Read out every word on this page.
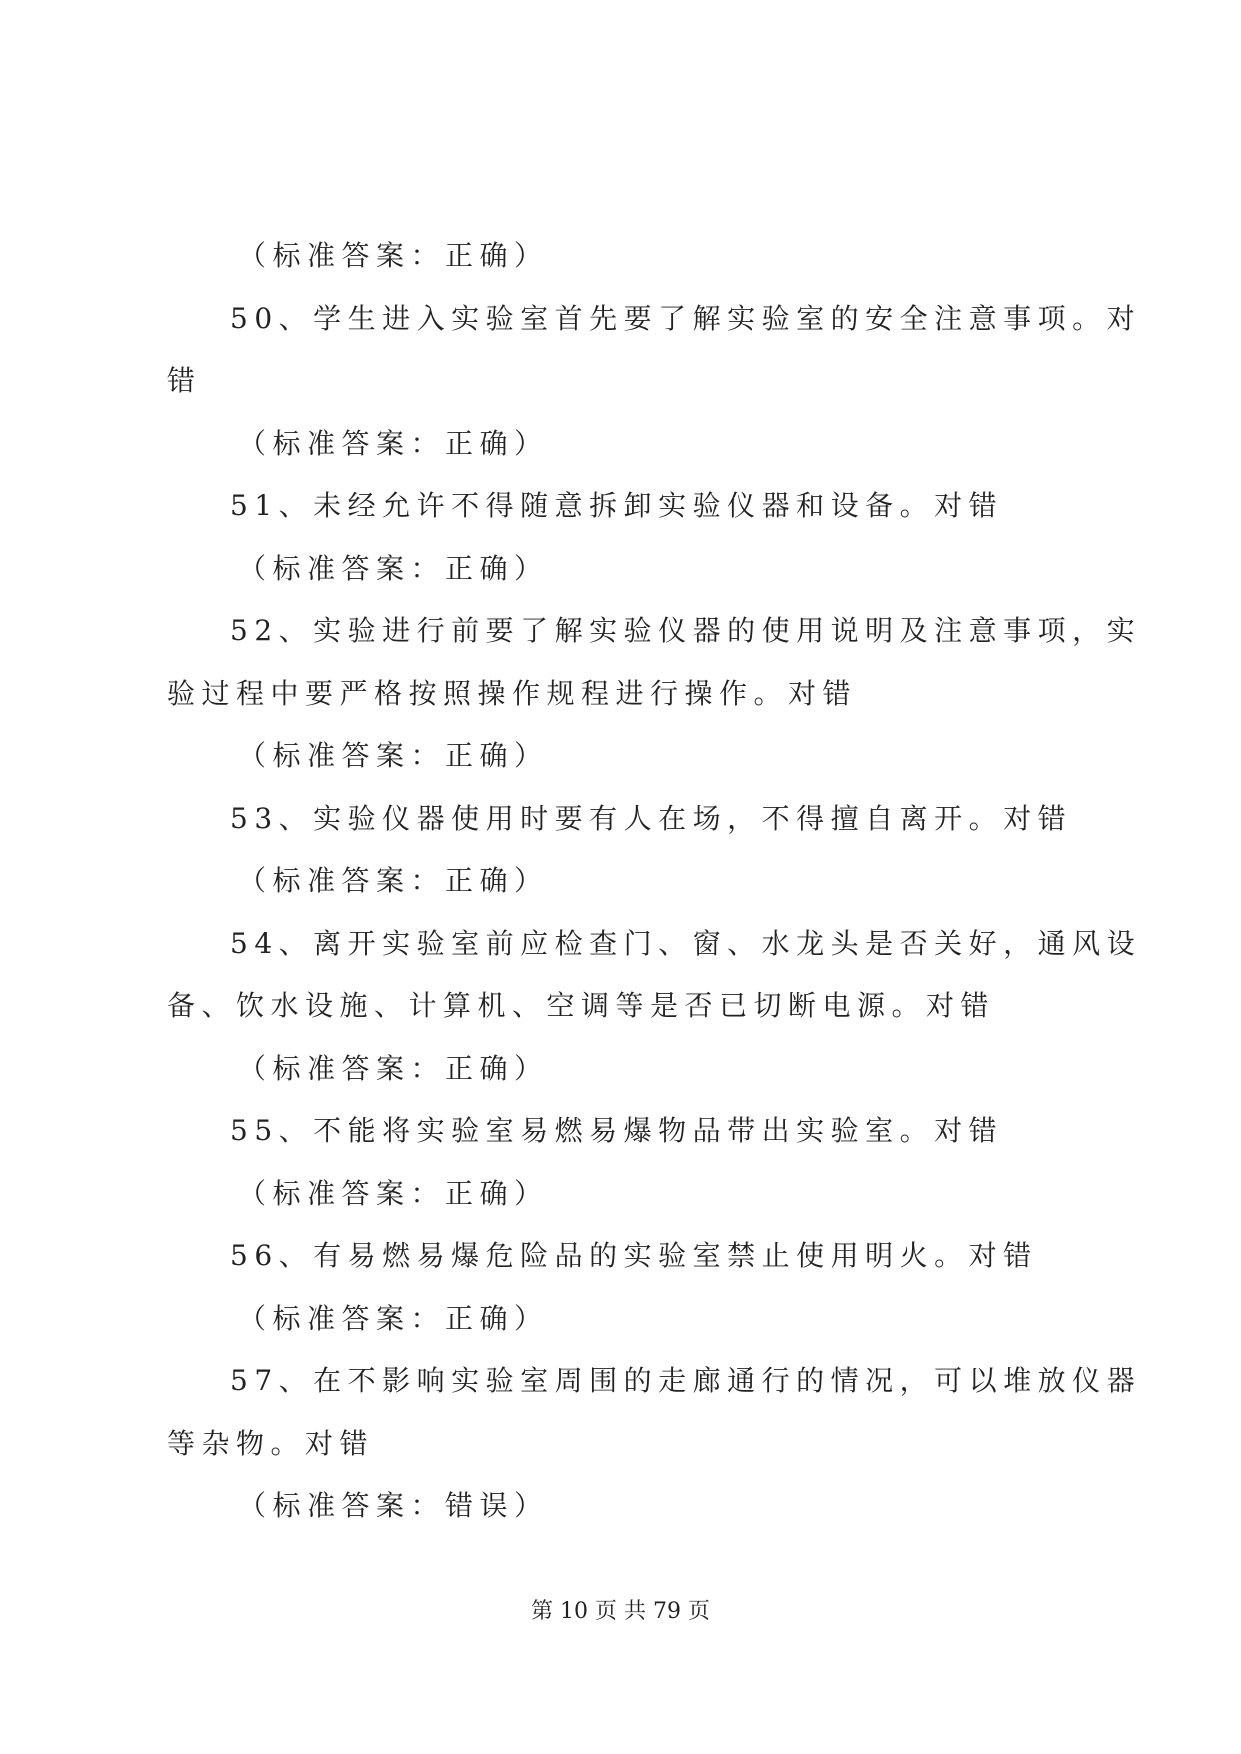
（标准答案：正确）
50、学生进入实验室首先要了解实验室的安全注意事项。对
错
（标准答案：正确）
51、未经允许不得随意拆卸实验仪器和设备。对错
（标准答案：正确）
52、实验进行前要了解实验仪器的使用说明及注意事项，实
验过程中要严格按照操作规程进行操作。对错
（标准答案：正确）
53、实验仪器使用时要有人在场，不得擅自离开。对错
（标准答案：正确）
54、离开实验室前应检查门、窗、水龙头是否关好，通风设
备、饮水设施、计算机、空调等是否已切断电源。对错
（标准答案：正确）
55、不能将实验室易燃易爆物品带出实验室。对错
（标准答案：正确）
56、有易燃易爆危险品的实验室禁止使用明火。对错
（标准答案：正确）
57、在不影响实验室周围的走廊通行的情况，可以堆放仪器
等杂物。对错
（标准答案：错误）
第 10 页 共 79 页
